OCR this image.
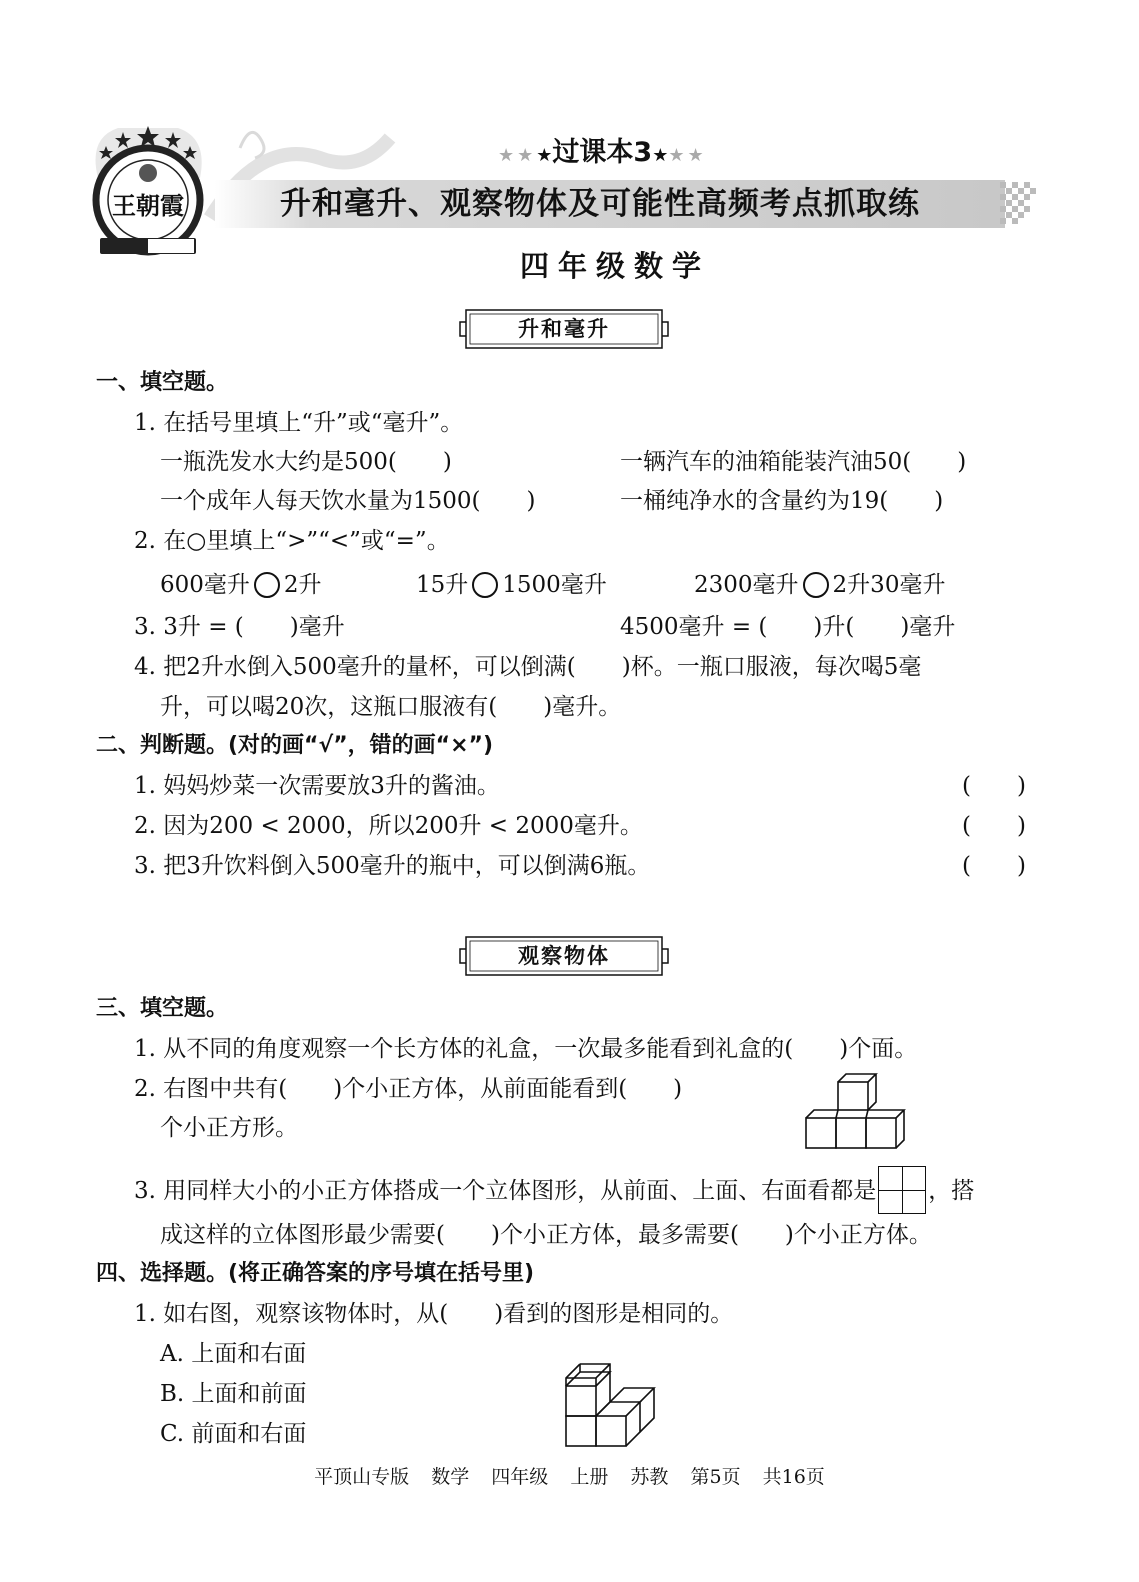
王朝霞
★★★过课本3★★★
升和毫升、观察物体及可能性高频考点抓取练
四年级数学
升和毫升
一、填空题。
1. 在括号里填上“升”或“毫升”。
一瓶洗发水大约是500(　　)	一辆汽车的油箱能装汽油50(　　)
一个成年人每天饮水量为1500(　　)	一桶纯净水的含量约为19(　　)
2. 在○里填上“>”“<”或“=”。
600毫升 2升	15升 1500毫升	2300毫升 2升30毫升
3. 3升 = (　　)毫升	4500毫升 = (　　)升(　　)毫升
4. 把2升水倒入500毫升的量杯，可以倒满(　　)杯。一瓶口服液，每次喝5毫
升，可以喝20次，这瓶口服液有(　　)毫升。
二、判断题。(对的画“√”，错的画“×”)
1. 妈妈炒菜一次需要放3升的酱油。	(　　)
2. 因为200 < 2000，所以200升 < 2000毫升。	(　　)
3. 把3升饮料倒入500毫升的瓶中，可以倒满6瓶。	(　　)
观察物体
三、填空题。
1. 从不同的角度观察一个长方体的礼盒，一次最多能看到礼盒的(　　)个面。
2. 右图中共有(　　)个小正方体，从前面能看到(　　)
个小正方形。
3. 用同样大小的小正方体搭成一个立体图形，从前面、上面、右面看都是 ，搭
成这样的立体图形最少需要(　　)个小正方体，最多需要(　　)个小正方体。
四、选择题。(将正确答案的序号填在括号里)
1. 如右图，观察该物体时，从(　　)看到的图形是相同的。
A. 上面和右面
B. 上面和前面
C. 前面和右面
平顶山专版 数学 四年级 上册 苏教 第5页 共16页
